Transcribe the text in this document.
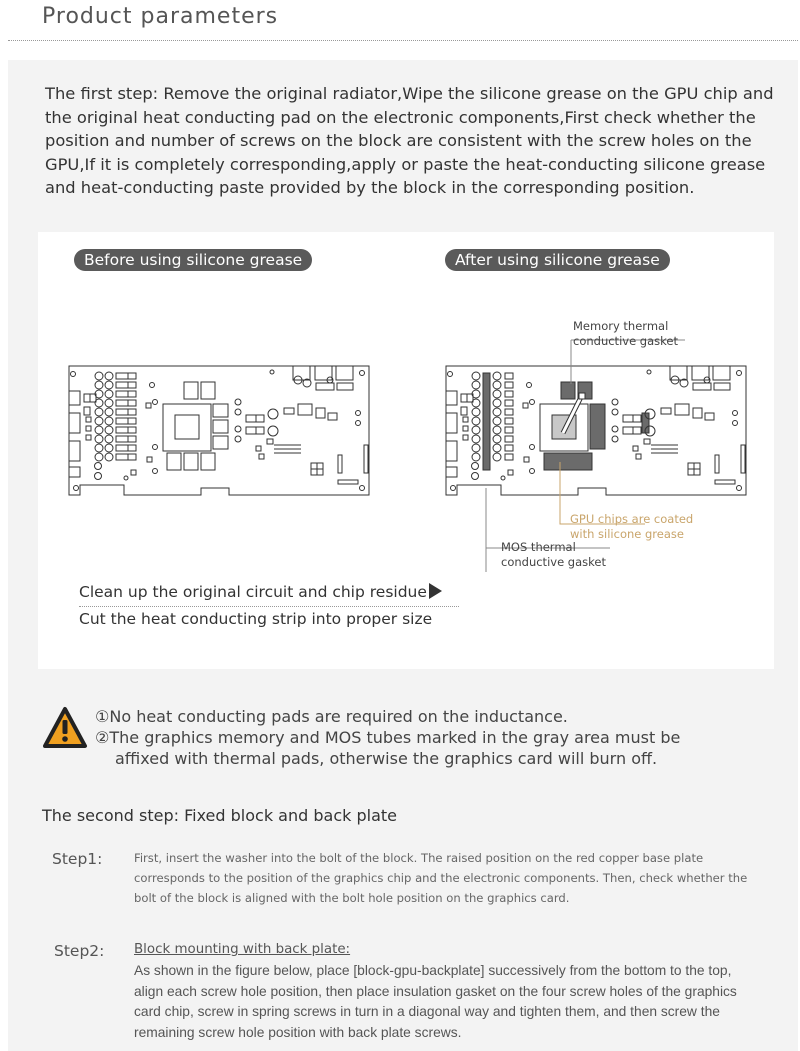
Product parameters
The first step: Remove the original radiator,Wipe the silicone grease on the GPU chip and the original heat conducting pad on the electronic components,First check whether the position and number of screws on the block are consistent with the screw holes on the GPU,If it is completely corresponding,apply or paste the heat-conducting silicone grease and heat-conducting paste provided by the block in the corresponding position.
Before using silicone grease	After using silicone grease
Memory thermal
conductive gasket
GPU chips are coated
with silicone grease
MOS thermal
conductive gasket
Clean up the original circuit and chip residue
Cut the heat conducting strip into proper size
①No heat conducting pads are required on the inductance.
②The graphics memory and MOS tubes marked in the gray area must be
affixed with thermal pads, otherwise the graphics card will burn off.
The second step: Fixed block and back plate
Step1:	First, insert the washer into the bolt of the block. The raised position on the red copper base plate corresponds to the position of the graphics chip and the electronic components. Then, check whether the bolt of the block is aligned with the bolt hole position on the graphics card.
Step2: Block mounting with back plate:
As shown in the figure below, place [block-gpu-backplate] successively from the bottom to the top, align each screw hole position, then place insulation gasket on the four screw holes of the graphics card chip, screw in spring screws in turn in a diagonal way and tighten them, and then screw the remaining screw hole position with back plate screws.
